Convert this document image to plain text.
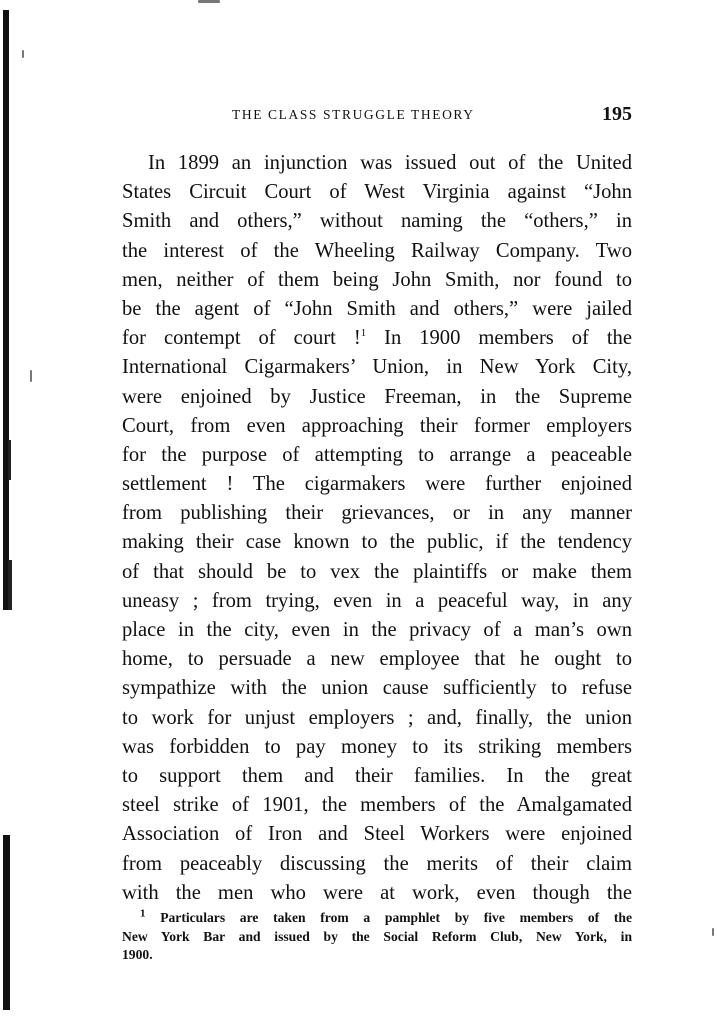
THE CLASS STRUGGLE THEORY	195
In 1899 an injunction was issued out of the United
States Circuit Court of West Virginia against “John
Smith and others,” without naming the “others,” in
the interest of the Wheeling Railway Company. Two
men, neither of them being John Smith, nor found to
be the agent of “John Smith and others,” were jailed
for contempt of court !$^1$ In 1900 members of the
International Cigarmakers’ Union, in New York City,
were enjoined by Justice Freeman, in the Supreme
Court, from even approaching their former employers
for the purpose of attempting to arrange a peaceable
settlement ! The cigarmakers were further enjoined
from publishing their grievances, or in any manner
making their case known to the public, if the tendency
of that should be to vex the plaintiffs or make them
uneasy ; from trying, even in a peaceful way, in any
place in the city, even in the privacy of a man’s own
home, to persuade a new employee that he ought to
sympathize with the union cause sufficiently to refuse
to work for unjust employers ; and, finally, the union
was forbidden to pay money to its striking members
to support them and their families. In the great
steel strike of 1901, the members of the Amalgamated
Association of Iron and Steel Workers were enjoined
from peaceably discussing the merits of their claim
with the men who were at work, even though the
$^1$ Particulars are taken from a pamphlet by five members of the
New York Bar and issued by the Social Reform Club, New York, in
1900.
